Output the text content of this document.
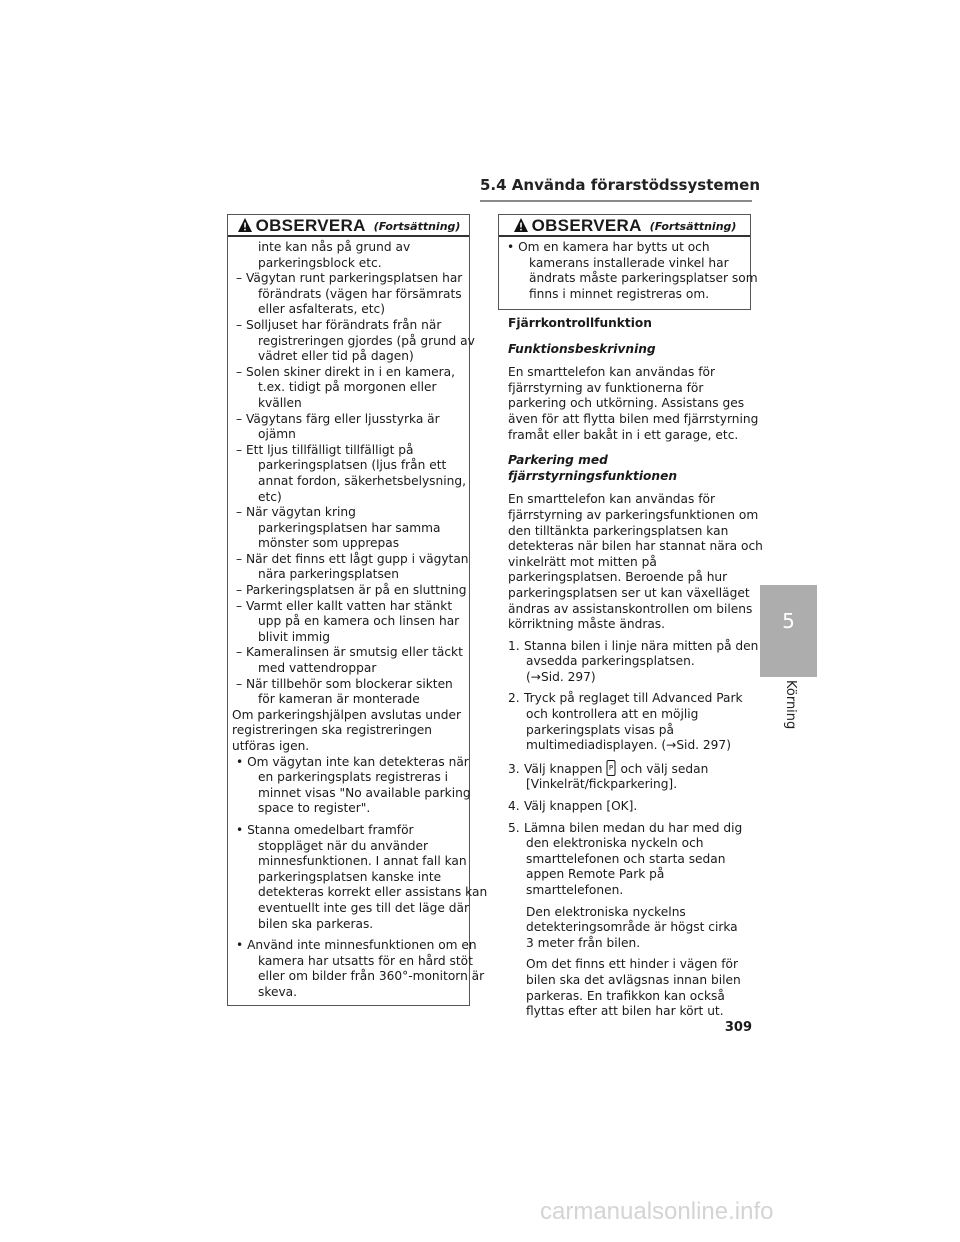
5.4 Använda förarstödssystemen
OBSERVERA (Fortsättning)
inte kan nås på grund av
parkeringsblock etc.
– Vägytan runt parkeringsplatsen har
förändrats (vägen har försämrats
eller asfalterats, etc)
– Solljuset har förändrats från när
registreringen gjordes (på grund av
vädret eller tid på dagen)
– Solen skiner direkt in i en kamera,
t.ex. tidigt på morgonen eller
kvällen
– Vägytans färg eller ljusstyrka är
ojämn
– Ett ljus tillfälligt tillfälligt på
parkeringsplatsen (ljus från ett
annat fordon, säkerhetsbelysning,
etc)
– När vägytan kring
parkeringsplatsen har samma
mönster som upprepas
– När det finns ett lågt gupp i vägytan
nära parkeringsplatsen
– Parkeringsplatsen är på en sluttning
– Varmt eller kallt vatten har stänkt
upp på en kamera och linsen har
blivit immig
– Kameralinsen är smutsig eller täckt
med vattendroppar
– När tillbehör som blockerar sikten
för kameran är monterade
Om parkeringshjälpen avslutas under
registreringen ska registreringen
utföras igen.
• Om vägytan inte kan detekteras när
en parkeringsplats registreras i
minnet visas "No available parking
space to register".
• Stanna omedelbart framför
stoppläget när du använder
minnesfunktionen. I annat fall kan
parkeringsplatsen kanske inte
detekteras korrekt eller assistans kan
eventuellt inte ges till det läge där
bilen ska parkeras.
• Använd inte minnesfunktionen om en
kamera har utsatts för en hård stöt
eller om bilder från 360°-monitorn är
skeva.
OBSERVERA (Fortsättning)
• Om en kamera har bytts ut och
kamerans installerade vinkel har
ändrats måste parkeringsplatser som
finns i minnet registreras om.
Fjärrkontrollfunktion
Funktionsbeskrivning
En smarttelefon kan användas för
fjärrstyrning av funktionerna för
parkering och utkörning. Assistans ges
även för att flytta bilen med fjärrstyrning
framåt eller bakåt in i ett garage, etc.
Parkering med fjärrstyrningsfunktionen
En smarttelefon kan användas för
fjärrstyrning av parkeringsfunktionen om
den tilltänkta parkeringsplatsen kan
detekteras när bilen har stannat nära och
vinkelrätt mot mitten på
parkeringsplatsen. Beroende på hur
parkeringsplatsen ser ut kan växelläget
ändras av assistanskontrollen om bilens
körriktning måste ändras.
1. Stanna bilen i linje nära mitten på den
avsedda parkeringsplatsen.
(→Sid. 297)
2. Tryck på reglaget till Advanced Park
och kontrollera att en möjlig
parkeringsplats visas på
multimediadisplayen. (→Sid. 297)
3. Välj knappen P och välj sedan
[Vinkelrät/fickparkering].
4. Välj knappen [OK].
5. Lämna bilen medan du har med dig
den elektroniska nyckeln och
smarttelefonen och starta sedan
appen Remote Park på
smarttelefonen.
Den elektroniska nyckelns
detekteringsområde är högst cirka
3 meter från bilen.
Om det finns ett hinder i vägen för
bilen ska det avlägsnas innan bilen
parkeras. En trafikkon kan också
flyttas efter att bilen har kört ut.
5
Körning
309
carmanualsonline.info
